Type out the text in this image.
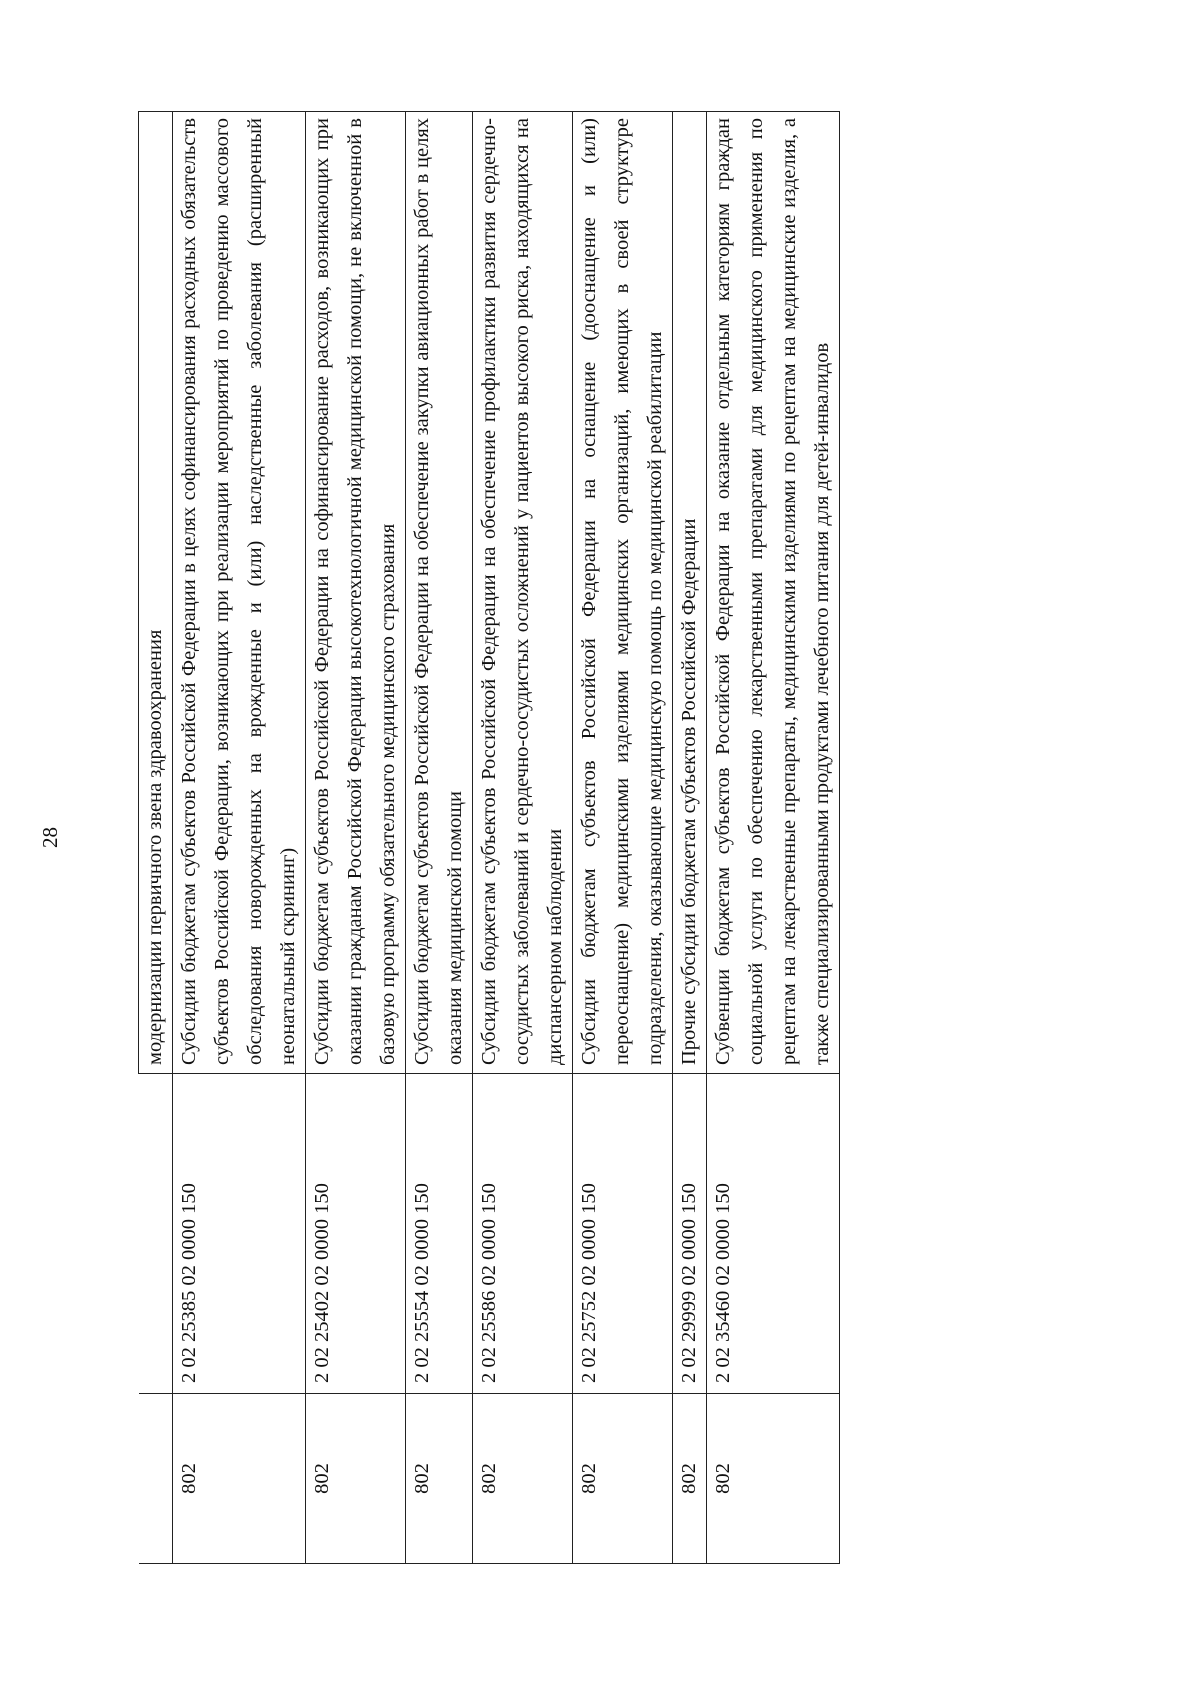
28
			модернизации первичного звена здравоохранения
802	2 02 25385 02 0000 150	Субсидии бюджетам субъектов Российской Федерации в целях софинансирования расходных обязательств субъектов Российской Федерации, возникающих при реализации мероприятий по проведению массового обследования новорожденных на врожденные и (или) наследственные заболевания (расширенный неонатальный скрининг)
802	2 02 25402 02 0000 150	Субсидии бюджетам субъектов Российской Федерации на софинансирование расходов, возникающих при оказании гражданам Российской Федерации высокотехнологичной медицинской помощи, не включенной в базовую программу обязательного медицинского страхования
802	2 02 25554 02 0000 150	Субсидии бюджетам субъектов Российской Федерации на обеспечение закупки авиационных работ в целях оказания медицинской помощи
802	2 02 25586 02 0000 150	Субсидии бюджетам субъектов Российской Федерации на обеспечение профилактики развития сердечно-сосудистых заболеваний и сердечно-сосудистых осложнений у пациентов высокого риска, находящихся на диспансерном наблюдении
802	2 02 25752 02 0000 150	Субсидии бюджетам субъектов Российской Федерации на оснащение (дооснащение и (или) переоснащение) медицинскими изделиями медицинских организаций, имеющих в своей структуре подразделения, оказывающие медицинскую помощь по медицинской реабилитации
802	2 02 29999 02 0000 150	Прочие субсидии бюджетам субъектов Российской Федерации
802	2 02 35460 02 0000 150	Субвенции бюджетам субъектов Российской Федерации на оказание отдельным категориям граждан социальной услуги по обеспечению лекарственными препаратами для медицинского применения по рецептам на лекарственные препараты, медицинскими изделиями по рецептам на медицинские изделия, а также специализированными продуктами лечебного питания для детей-инвалидов
